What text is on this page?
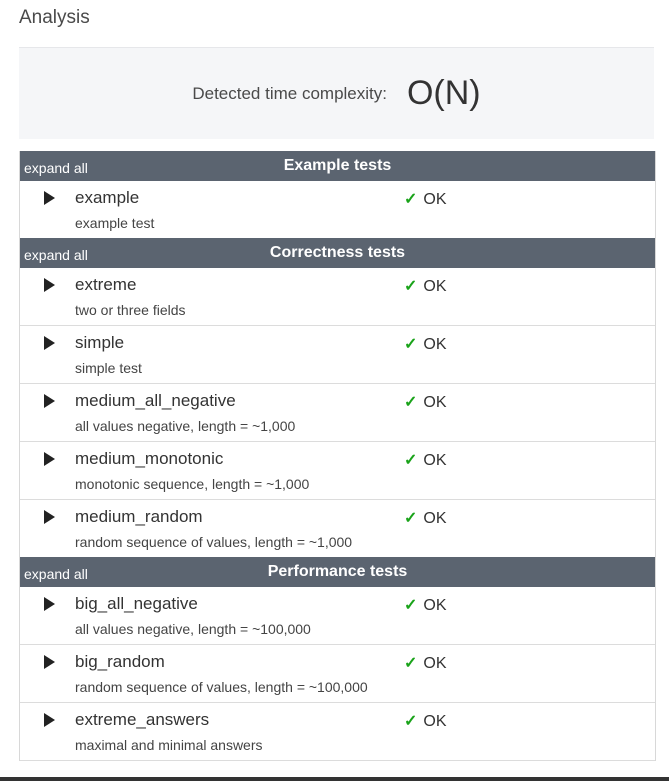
Analysis
Detected time complexity: O(N)
expand all	Example tests
example
example test
✓ OK
expand all	Correctness tests
extreme
two or three fields
✓ OK
simple
simple test
✓ OK
medium_all_negative
all values negative, length = ~1,000
✓ OK
medium_monotonic
monotonic sequence, length = ~1,000
✓ OK
medium_random
random sequence of values, length = ~1,000
✓ OK
expand all	Performance tests
big_all_negative
all values negative, length = ~100,000
✓ OK
big_random
random sequence of values, length = ~100,000
✓ OK
extreme_answers
maximal and minimal answers
✓ OK
